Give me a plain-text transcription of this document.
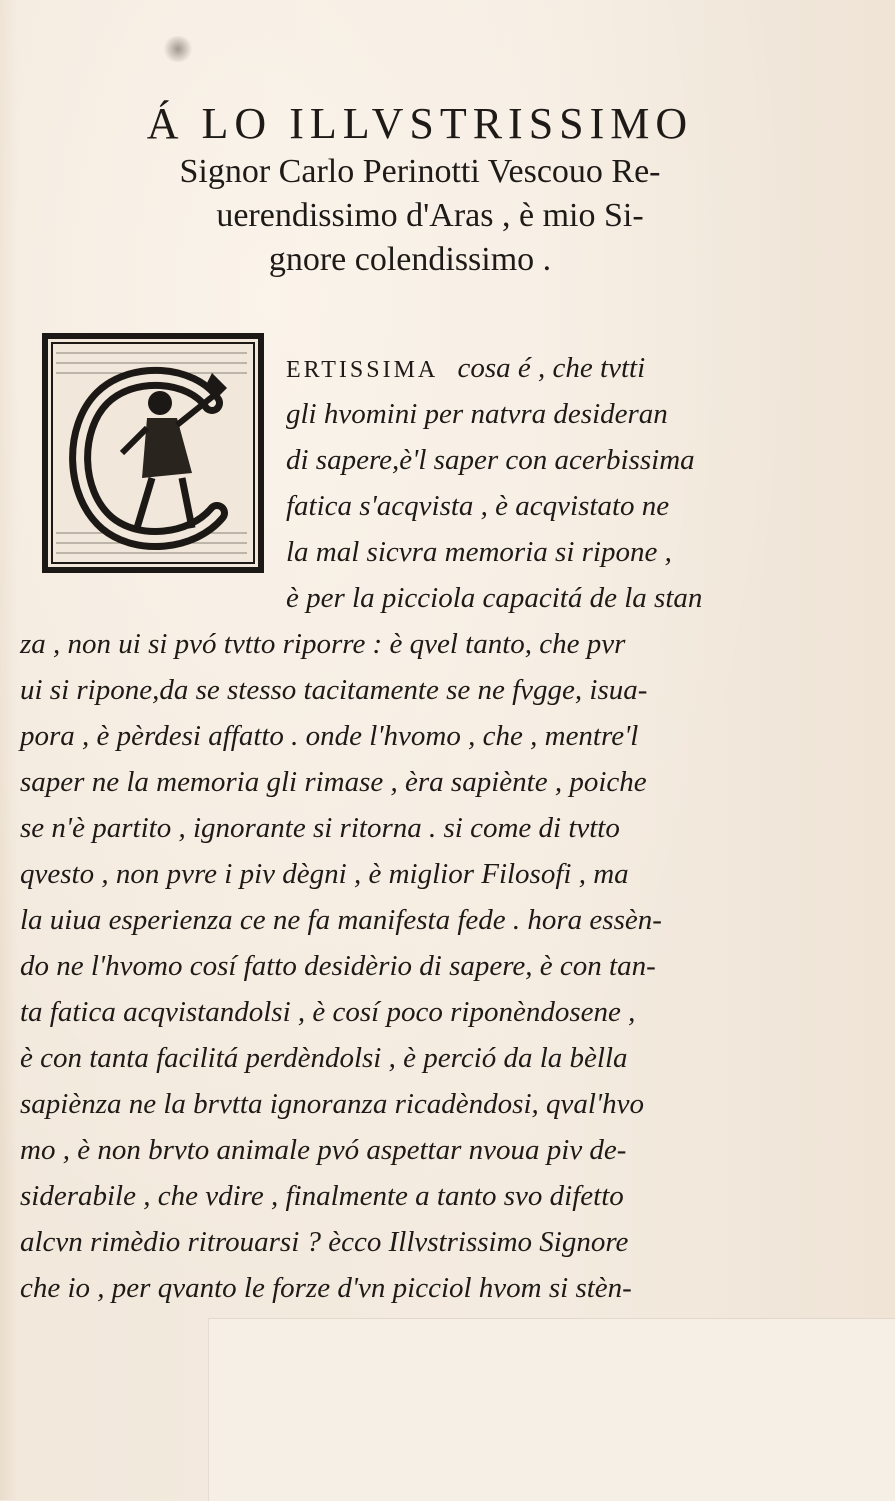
Á LO ILLVSTRISSIMO
Signor Carlo Perinotti Vescouo Re-
uerendissimo d'Aras , è mio Si-
gnore colendissimo .
ERTISSIMA cosa é , che tvtti
gli hvomini per natvra desideran
di sapere,è'l saper con acerbissima
fatica s'acqvista , è acqvistato ne
la mal sicvra memoria si ripone ,
è per la picciola capacitá de la stan
za , non ui si pvó tvtto riporre : è qvel tanto, che pvr
ui si ripone,da se stesso tacitamente se ne fvgge, isua-
pora , è pèrdesi affatto . onde l'hvomo , che , mentre'l
saper ne la memoria gli rimase , èra sapiènte , poiche
se n'è partito , ignorante si ritorna . si come di tvtto
qvesto , non pvre i piv dègni , è miglior Filosofi , ma
la uiua esperienza ce ne fa manifesta fede . hora essèn-
do ne l'hvomo cosí fatto desidèrio di sapere, è con tan-
ta fatica acqvistandolsi , è cosí poco riponèndosene ,
è con tanta facilitá perdèndolsi , è perció da la bèlla
sapiènza ne la brvtta ignoranza ricadèndosi, qval'hvo
mo , è non brvto animale pvó aspettar nvoua piv de-
siderabile , che vdire , finalmente a tanto svo difetto
alcvn rimèdio ritrouarsi ? ècco Illvstrissimo Signore
che io , per qvanto le forze d'vn picciol hvom si stèn-
